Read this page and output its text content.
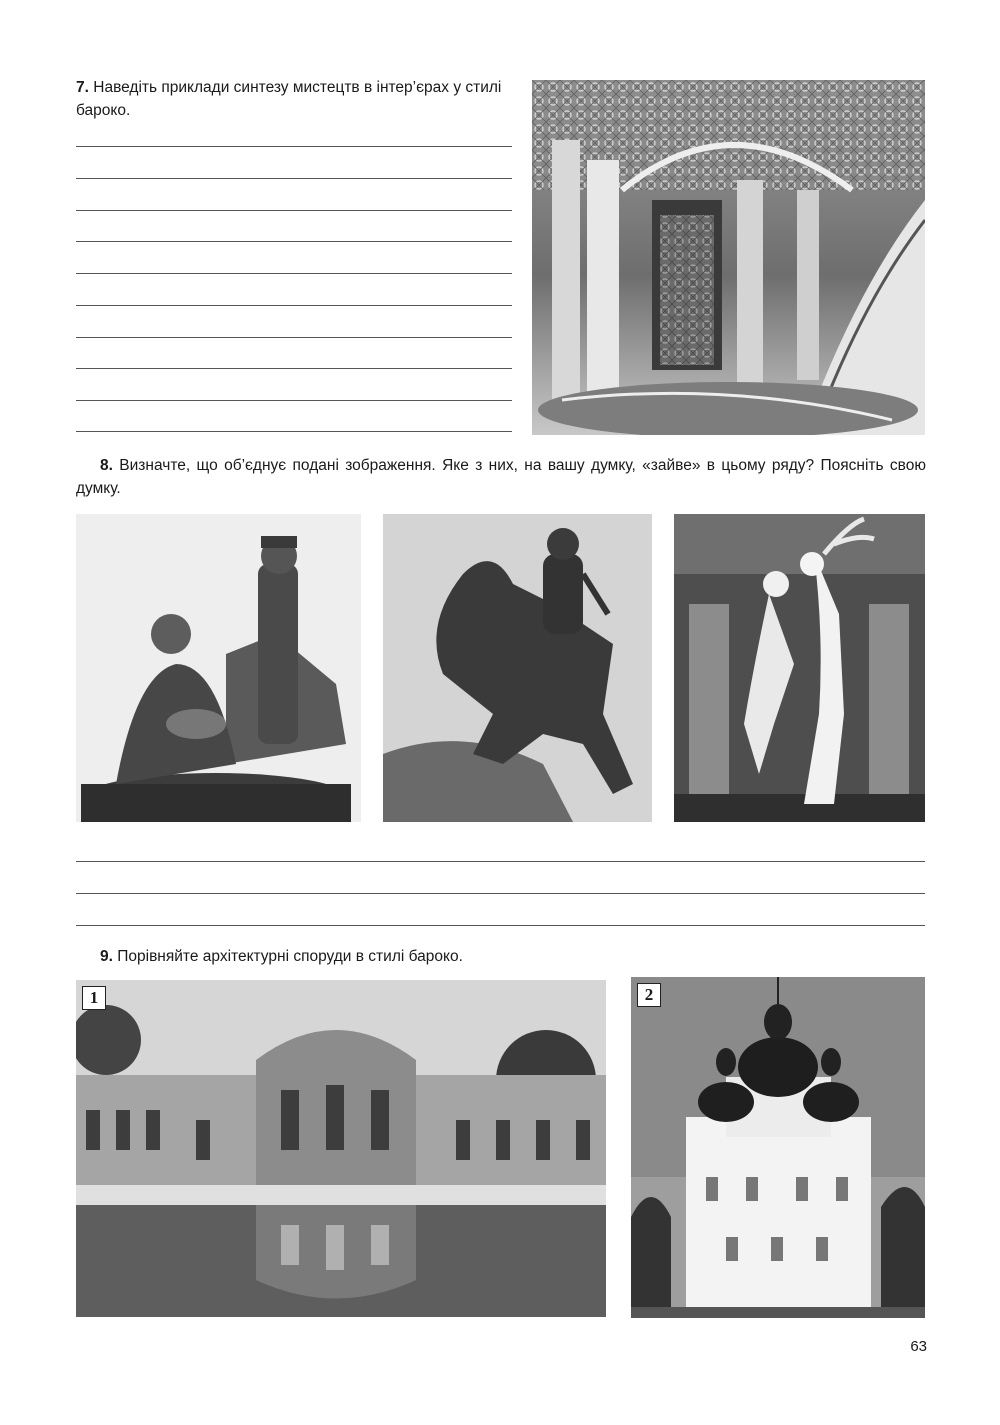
7. Наведіть приклади синтезу мистецтв в інтер’єрах у стилі бароко.
8. Визначте, що об’єднує подані зображення. Яке з них, на вашу думку, «зайве» в цьому ряду? Поясніть свою думку.
9. Порівняйте архітектурні споруди в стилі бароко.
1	2
63
